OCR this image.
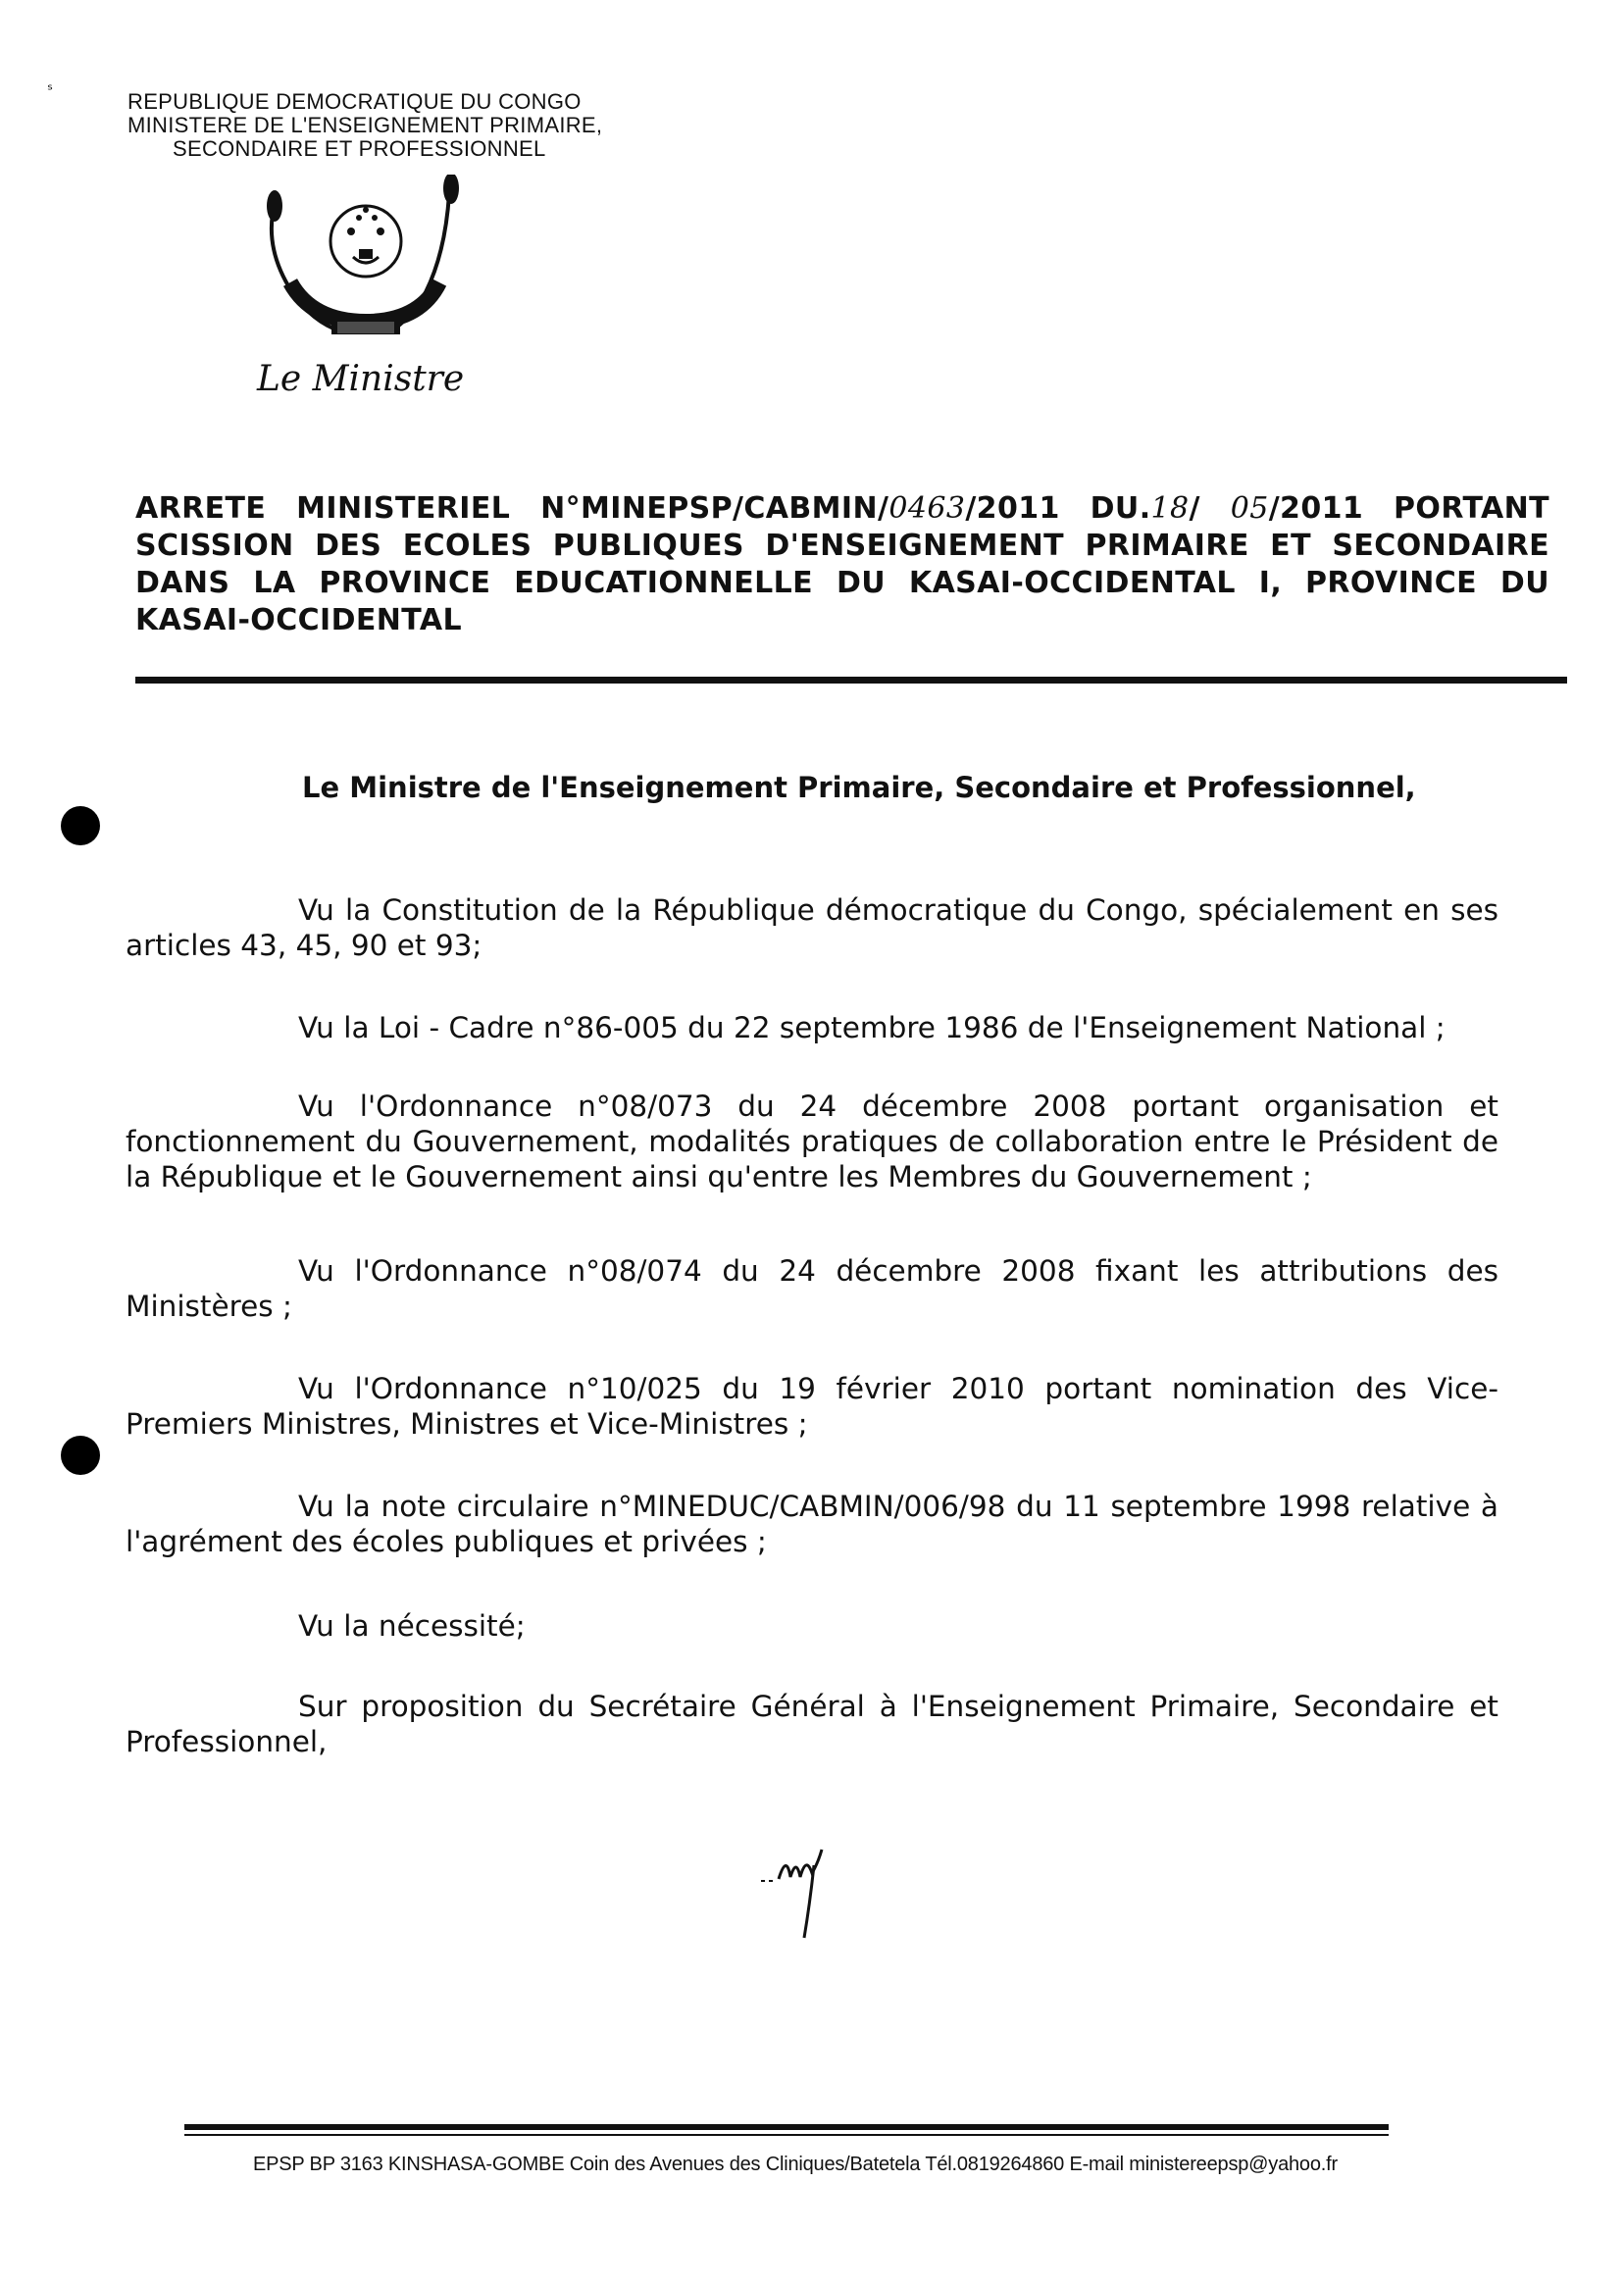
ˢ	REPUBLIQUE DEMOCRATIQUE DU CONGO
MINISTERE DE L'ENSEIGNEMENT PRIMAIRE,
SECONDAIRE ET PROFESSIONNEL
Le Ministre
ARRETE MINISTERIEL N°MINEPSP/CABMIN/0463/2011 DU.18/ 05/2011 PORTANT SCISSION DES ECOLES PUBLIQUES D'ENSEIGNEMENT PRIMAIRE ET SECONDAIRE DANS LA PROVINCE EDUCATIONNELLE DU KASAI-OCCIDENTAL I, PROVINCE DU KASAI-OCCIDENTAL
Le Ministre de l'Enseignement Primaire, Secondaire et Professionnel,
Vu la Constitution de la République démocratique du Congo, spécialement en ses articles 43, 45, 90 et 93;
Vu la Loi - Cadre n°86-005 du 22 septembre 1986 de l'Enseignement National ;
Vu l'Ordonnance n°08/073 du 24 décembre 2008 portant organisation et fonctionnement du Gouvernement, modalités pratiques de collaboration entre le Président de la République et le Gouvernement ainsi qu'entre les Membres du Gouvernement ;
Vu l'Ordonnance n°08/074 du 24 décembre 2008 fixant les attributions des Ministères ;
Vu l'Ordonnance n°10/025 du 19 février 2010 portant nomination des Vice-Premiers Ministres, Ministres et Vice-Ministres ;
Vu la note circulaire n°MINEDUC/CABMIN/006/98 du 11 septembre 1998 relative à l'agrément des écoles publiques et privées ;
Vu la nécessité;
Sur proposition du Secrétaire Général à l'Enseignement Primaire, Secondaire et Professionnel,
EPSP BP 3163 KINSHASA-GOMBE Coin des Avenues des Cliniques/Batetela Tél.0819264860 E-mail ministereepsp@yahoo.fr
